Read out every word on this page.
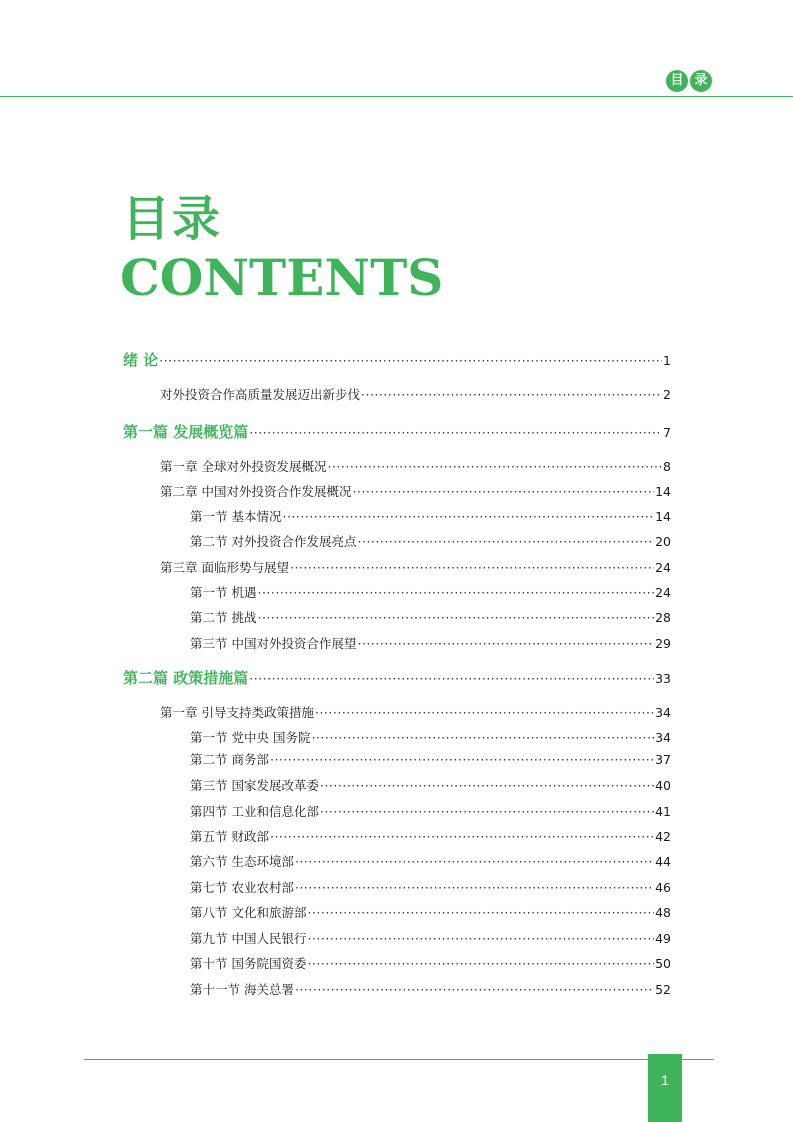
目 录
目录
CONTENTS
绪 论 ·····	1
对外投资合作高质量发展迈出新步伐 ·····	2
第一篇 发展概览篇 ·····	7
第一章 全球对外投资发展概况 ·····	8
第二章 中国对外投资合作发展概况 ·····	14
第一节 基本情况 ·····	14
第二节 对外投资合作发展亮点 ·····	20
第三章 面临形势与展望 ·····	24
第一节 机遇 ·····	24
第二节 挑战 ·····	28
第三节 中国对外投资合作展望 ·····	29
第二篇 政策措施篇 ·····	33
第一章 引导支持类政策措施 ·····	34
第一节 党中央 国务院 ·····	34
第二节 商务部 ·····	37
第三节 国家发展改革委 ·····	40
第四节 工业和信息化部 ·····	41
第五节 财政部 ·····	42
第六节 生态环境部 ·····	44
第七节 农业农村部 ·····	46
第八节 文化和旅游部 ·····	48
第九节 中国人民银行 ·····	49
第十节 国务院国资委 ·····	50
第十一节 海关总署 ·····	52
1
